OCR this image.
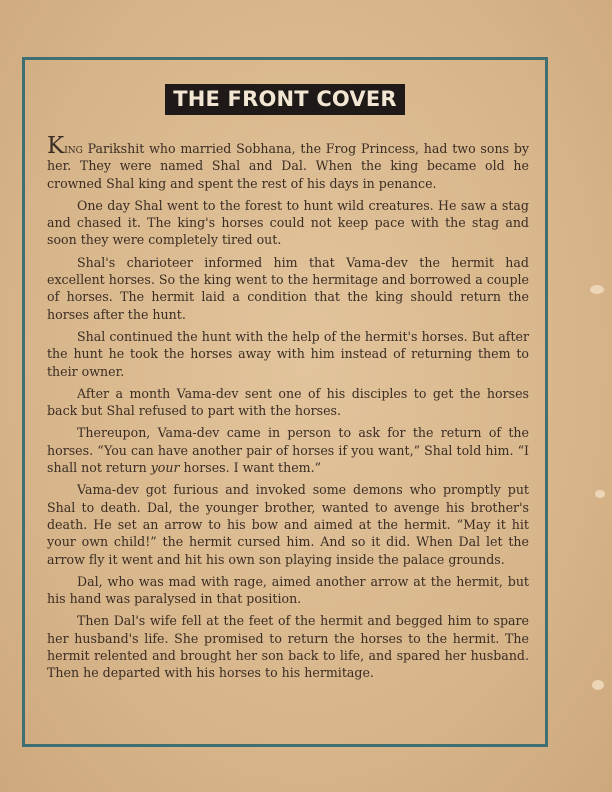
THE FRONT COVER

King Parikshit who married Sobhana, the Frog Princess, had two sons by her. They were named Shal and Dal. When the king became old he crowned Shal king and spent the rest of his days in penance.

One day Shal went to the forest to hunt wild creatures. He saw a stag and chased it. The king's horses could not keep pace with the stag and soon they were completely tired out.

Shal's charioteer informed him that Vama-dev the hermit had excellent horses. So the king went to the hermitage and borrowed a couple of horses. The hermit laid a condition that the king should return the horses after the hunt.

Shal continued the hunt with the help of the hermit's horses. But after the hunt he took the horses away with him instead of returning them to their owner.

After a month Vama-dev sent one of his disciples to get the horses back but Shal refused to part with the horses.

Thereupon, Vama-dev came in person to ask for the return of the horses. “You can have another pair of horses if you want,” Shal told him. “I shall not return your horses. I want them.”

Vama-dev got furious and invoked some demons who promptly put Shal to death. Dal, the younger brother, wanted to avenge his brother's death. He set an arrow to his bow and aimed at the hermit. “May it hit your own child!” the hermit cursed him. And so it did. When Dal let the arrow fly it went and hit his own son playing inside the palace grounds.

Dal, who was mad with rage, aimed another arrow at the hermit, but his hand was paralysed in that position.

Then Dal's wife fell at the feet of the hermit and begged him to spare her husband's life. She promised to return the horses to the hermit. The hermit relented and brought her son back to life, and spared her husband. Then he departed with his horses to his hermitage.
